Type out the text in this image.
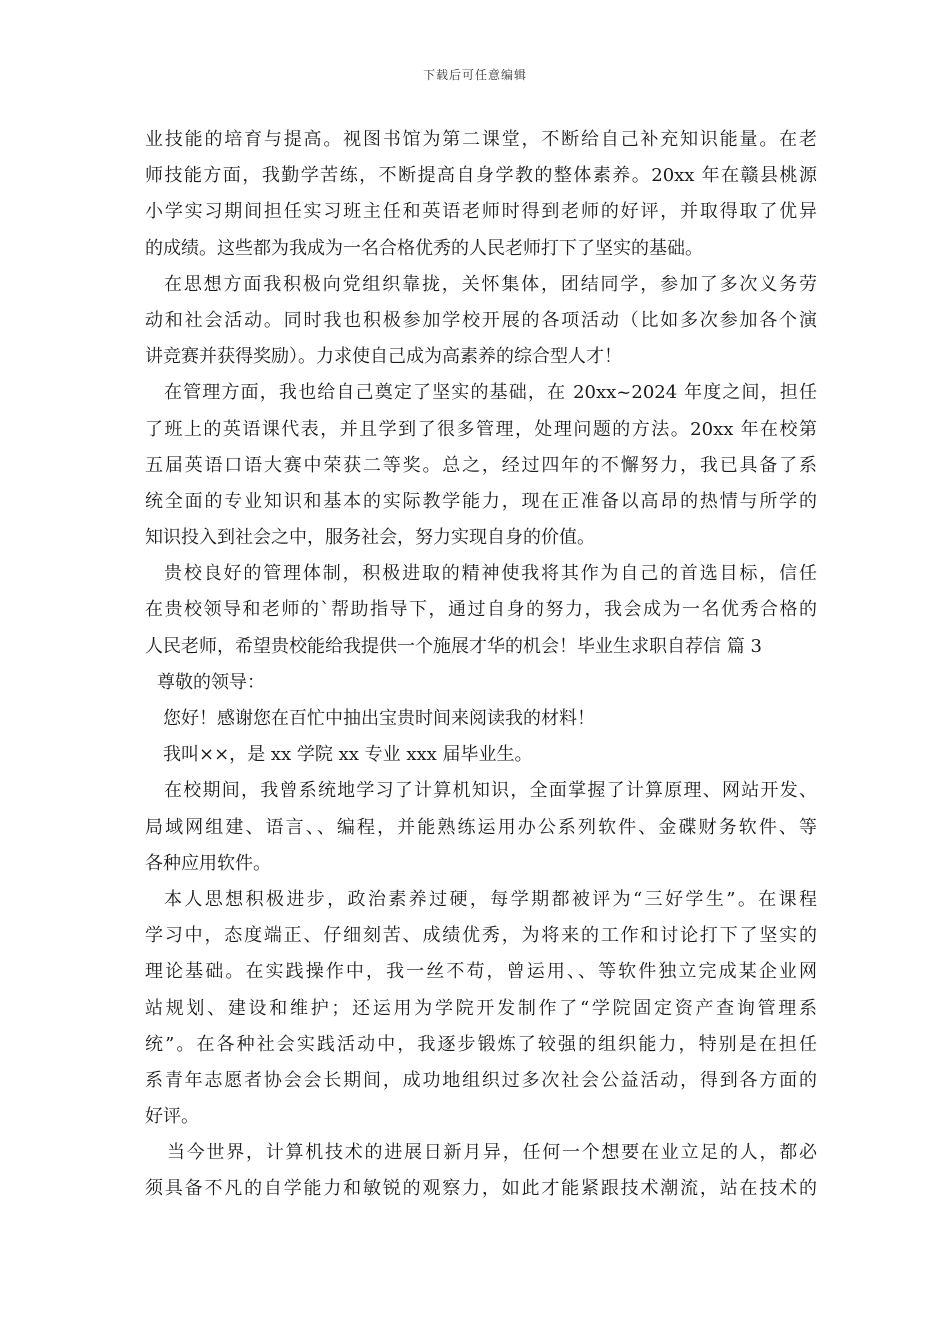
下载后可任意编辑
业技能的培育与提高。视图书馆为第二课堂，不断给自己补充知识能量。在老
师技能方面，我勤学苦练，不断提高自身学教的整体素养。20xx 年在赣县桃源
小学实习期间担任实习班主任和英语老师时得到老师的好评，并取得取了优异
的成绩。这些都为我成为一名合格优秀的人民老师打下了坚实的基础。
在思想方面我积极向党组织靠拢，关怀集体，团结同学，参加了多次义务劳
动和社会活动。同时我也积极参加学校开展的各项活动（比如多次参加各个演
讲竞赛并获得奖励）。力求使自己成为高素养的综合型人才！
在管理方面，我也给自己奠定了坚实的基础，在 20xx~2024 年度之间，担任
了班上的英语课代表，并且学到了很多管理，处理问题的方法。20xx 年在校第
五届英语口语大赛中荣获二等奖。总之，经过四年的不懈努力，我已具备了系
统全面的专业知识和基本的实际教学能力，现在正准备以高昂的热情与所学的
知识投入到社会之中，服务社会，努力实现自身的价值。
贵校良好的管理体制，积极进取的精神使我将其作为自己的首选目标，信任
在贵校领导和老师的`帮助指导下，通过自身的努力，我会成为一名优秀合格的
人民老师，希望贵校能给我提供一个施展才华的机会！毕业生求职自荐信 篇 3
尊敬的领导：
您好！感谢您在百忙中抽出宝贵时间来阅读我的材料！
我叫××，是 xx 学院 xx 专业 xxx 届毕业生。
在校期间，我曾系统地学习了计算机知识，全面掌握了计算原理、网站开发、
局域网组建、语言、、编程，并能熟练运用办公系列软件、金碟财务软件、等
各种应用软件。
本人思想积极进步，政治素养过硬，每学期都被评为“三好学生”。在课程
学习中，态度端正、仔细刻苦、成绩优秀，为将来的工作和讨论打下了坚实的
理论基础。在实践操作中，我一丝不苟，曾运用、、等软件独立完成某企业网
站规划、建设和维护；还运用为学院开发制作了“学院固定资产查询管理系
统”。在各种社会实践活动中，我逐步锻炼了较强的组织能力，特别是在担任
系青年志愿者协会会长期间，成功地组织过多次社会公益活动，得到各方面的
好评。
当今世界，计算机技术的进展日新月异，任何一个想要在业立足的人，都必
须具备不凡的自学能力和敏锐的观察力，如此才能紧跟技术潮流，站在技术的
